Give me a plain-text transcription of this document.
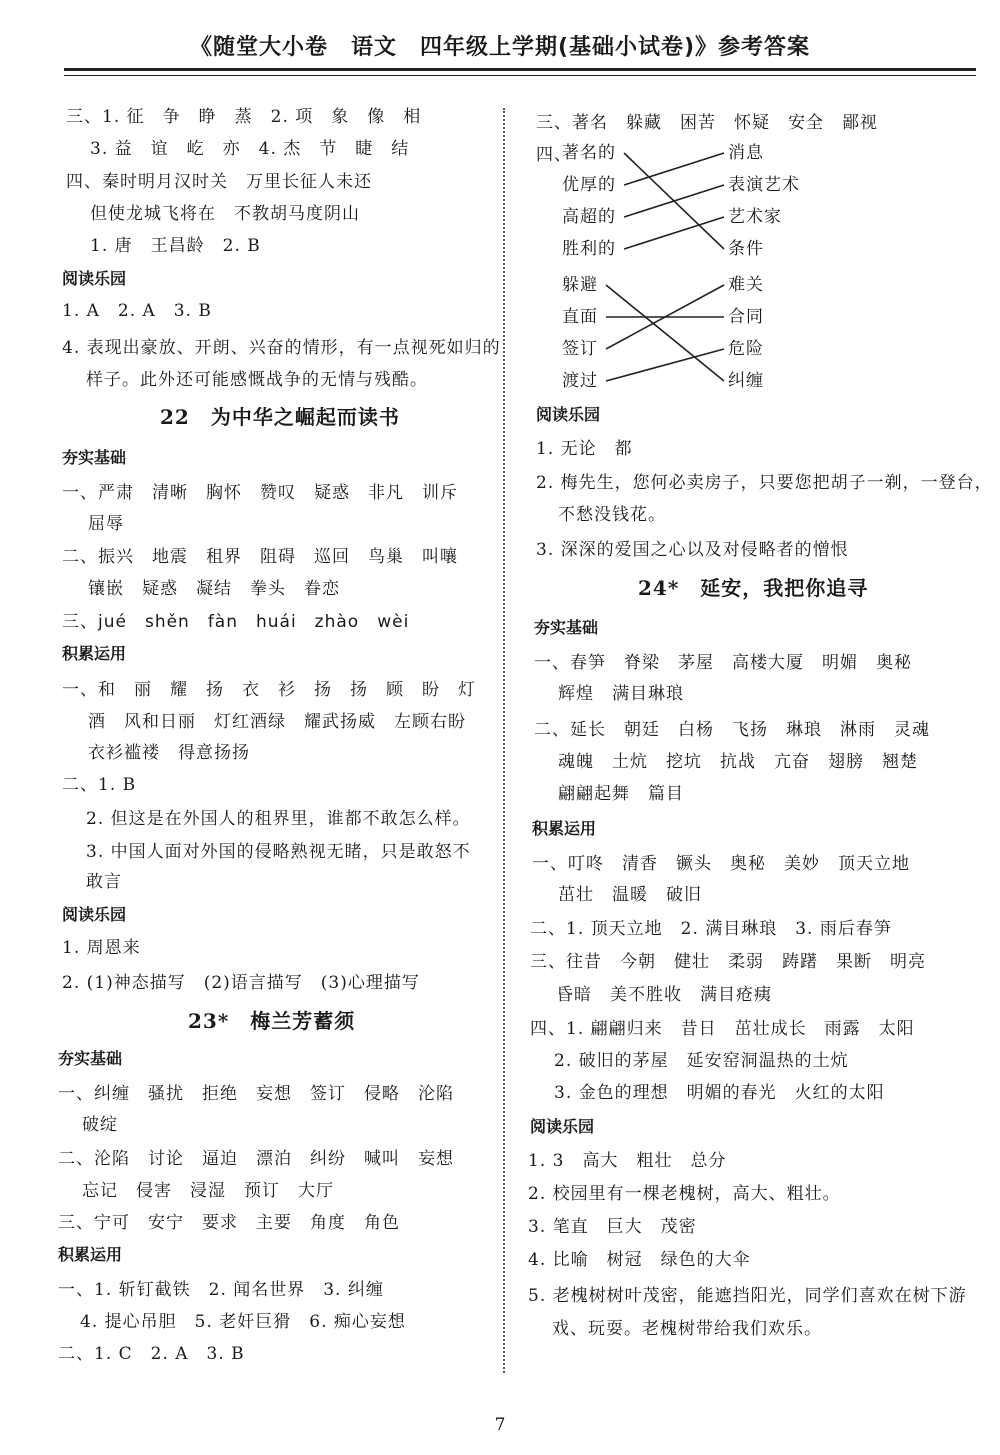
《随堂大小卷　语文　四年级上学期(基础小试卷)》参考答案
三、1. 征　争　睁　蒸　2. 项　象　像　相
3. 益　谊　屹　亦　4. 杰　节　睫　结
四、秦时明月汉时关　万里长征人未还
但使龙城飞将在　不教胡马度阴山
1. 唐　王昌龄　2. B
阅读乐园
1. A　2. A　3. B
4. 表现出豪放、开朗、兴奋的情形，有一点视死如归的
样子。此外还可能感慨战争的无情与残酷。
22　为中华之崛起而读书
夯实基础
一、严肃　清晰　胸怀　赞叹　疑惑　非凡　训斥
屈辱
二、振兴　地震　租界　阻碍　巡回　鸟巢　叫嚷
镶嵌　疑惑　凝结　拳头　眷恋
三、jué　shěn　fàn　huái　zhào　wèi
积累运用
一、和　丽　耀　扬　衣　衫　扬　扬　顾　盼　灯
酒　风和日丽　灯红酒绿　耀武扬威　左顾右盼
衣衫褴褛　得意扬扬
二、1. B
2. 但这是在外国人的租界里，谁都不敢怎么样。
3. 中国人面对外国的侵略熟视无睹，只是敢怒不
敢言
阅读乐园
1. 周恩来
2. (1)神态描写　(2)语言描写　(3)心理描写
23*　梅兰芳蓄须
夯实基础
一、纠缠　骚扰　拒绝　妄想　签订　侵略　沦陷
破绽
二、沦陷　讨论　逼迫　漂泊　纠纷　喊叫　妄想
忘记　侵害　浸湿　预订　大厅
三、宁可　安宁　要求　主要　角度　角色
积累运用
一、1. 斩钉截铁　2. 闻名世界　3. 纠缠
4. 提心吊胆　5. 老奸巨猾　6. 痴心妄想
二、1. C　2. A　3. B
三、著名　躲藏　困苦　怀疑　安全　鄙视
四、
著名的
优厚的
高超的
胜利的
消息
表演艺术
艺术家
条件
躲避
直面
签订
渡过
难关
合同
危险
纠缠
阅读乐园
1. 无论　都
2. 梅先生，您何必卖房子，只要您把胡子一剃，一登台，
不愁没钱花。
3. 深深的爱国之心以及对侵略者的憎恨
24*　延安，我把你追寻
夯实基础
一、春笋　脊梁　茅屋　高楼大厦　明媚　奥秘
辉煌　满目琳琅
二、延长　朝廷　白杨　飞扬　琳琅　淋雨　灵魂
魂魄　土炕　挖坑　抗战　亢奋　翅膀　翘楚
翩翩起舞　篇目
积累运用
一、叮咚　清香　镢头　奥秘　美妙　顶天立地
茁壮　温暖　破旧
二、1. 顶天立地　2. 满目琳琅　3. 雨后春笋
三、往昔　今朝　健壮　柔弱　踌躇　果断　明亮
昏暗　美不胜收　满目疮痍
四、1. 翩翩归来　昔日　茁壮成长　雨露　太阳
2. 破旧的茅屋　延安窑洞温热的土炕
3. 金色的理想　明媚的春光　火红的太阳
阅读乐园
1. 3　高大　粗壮　总分
2. 校园里有一棵老槐树，高大、粗壮。
3. 笔直　巨大　茂密
4. 比喻　树冠　绿色的大伞
5. 老槐树树叶茂密，能遮挡阳光，同学们喜欢在树下游
戏、玩耍。老槐树带给我们欢乐。
7
